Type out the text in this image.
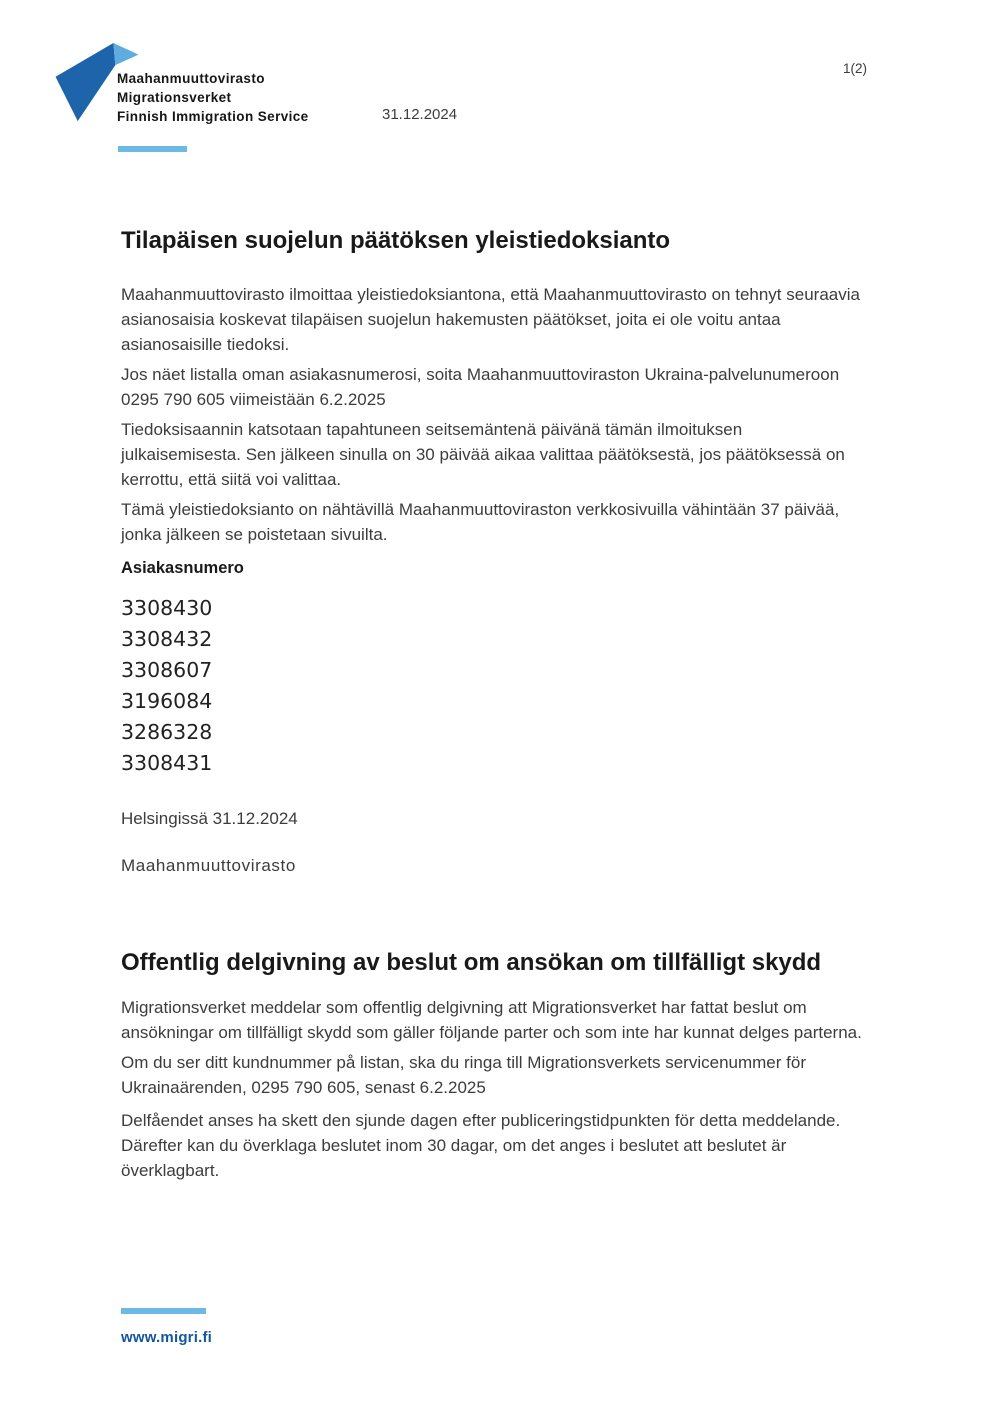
Maahanmuuttovirasto
Migrationsverket
Finnish Immigration Service	31.12.2024
1(2)
Tilapäisen suojelun päätöksen yleistiedoksianto

Maahanmuuttovirasto ilmoittaa yleistiedoksiantona, että Maahanmuuttovirasto on tehnyt seuraavia asianosaisia koskevat tilapäisen suojelun hakemusten päätökset, joita ei ole voitu antaa asianosaisille tiedoksi.

Jos näet listalla oman asiakasnumerosi, soita Maahanmuuttoviraston Ukraina-palvelunumeroon 0295 790 605 viimeistään 6.2.2025

Tiedoksisaannin katsotaan tapahtuneen seitsemäntenä päivänä tämän ilmoituksen julkaisemisesta. Sen jälkeen sinulla on 30 päivää aikaa valittaa päätöksestä, jos päätöksessä on kerrottu, että siitä voi valittaa.

Tämä yleistiedoksianto on nähtävillä Maahanmuuttoviraston verkkosivuilla vähintään 37 päivää, jonka jälkeen se poistetaan sivuilta.

Asiakasnumero
3308430
3308432
3308607
3196084
3286328
3308431

Helsingissä 31.12.2024

Maahanmuuttovirasto

Offentlig delgivning av beslut om ansökan om tillfälligt skydd

Migrationsverket meddelar som offentlig delgivning att Migrationsverket har fattat beslut om ansökningar om tillfälligt skydd som gäller följande parter och som inte har kunnat delges parterna.

Om du ser ditt kundnummer på listan, ska du ringa till Migrationsverkets servicenummer för Ukrainaärenden, 0295 790 605, senast 6.2.2025

Delfåendet anses ha skett den sjunde dagen efter publiceringstidpunkten för detta meddelande. Därefter kan du överklaga beslutet inom 30 dagar, om det anges i beslutet att beslutet är överklagbart.

www.migri.fi
